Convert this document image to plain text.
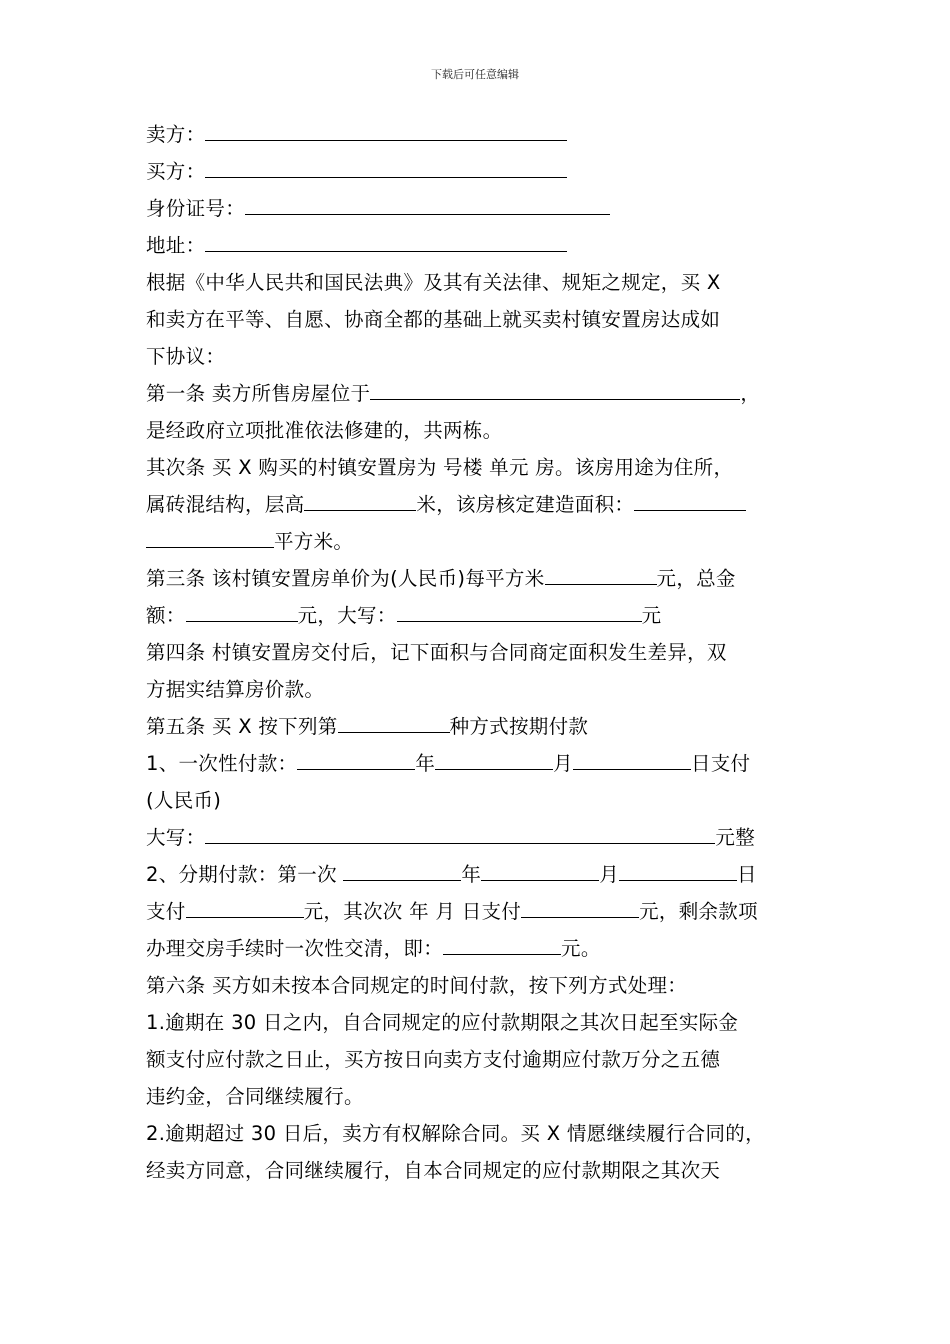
下载后可任意编辑
卖方：
买方：
身份证号：
地址：
根据《中华人民共和国民法典》及其有关法律、规矩之规定，买 X
和卖方在平等、自愿、协商全都的基础上就买卖村镇安置房达成如
下协议：
第一条 卖方所售房屋位于	，
是经政府立项批准依法修建的，共两栋。
其次条 买 X 购买的村镇安置房为 号楼 单元 房。该房用途为住所，
属砖混结构，层高	米，该房核定建造面积：
平方米。
第三条 该村镇安置房单价为(人民币)每平方米	元，总金
额：	元，大写：	元
第四条 村镇安置房交付后，记下面积与合同商定面积发生差异，双
方据实结算房价款。
第五条 买 X 按下列第	种方式按期付款
1、一次性付款：	年	月	日支付
(人民币)
大写：	元整
2、分期付款：第一次	年	月	日
支付	元，其次次 年 月 日支付	元，剩余款项
办理交房手续时一次性交清，即：	元。
第六条 买方如未按本合同规定的时间付款，按下列方式处理：
1.逾期在 30 日之内，自合同规定的应付款期限之其次日起至实际金
额支付应付款之日止，买方按日向卖方支付逾期应付款万分之五德
违约金，合同继续履行。
2.逾期超过 30 日后，卖方有权解除合同。买 X 情愿继续履行合同的，
经卖方同意，合同继续履行，自本合同规定的应付款期限之其次天
